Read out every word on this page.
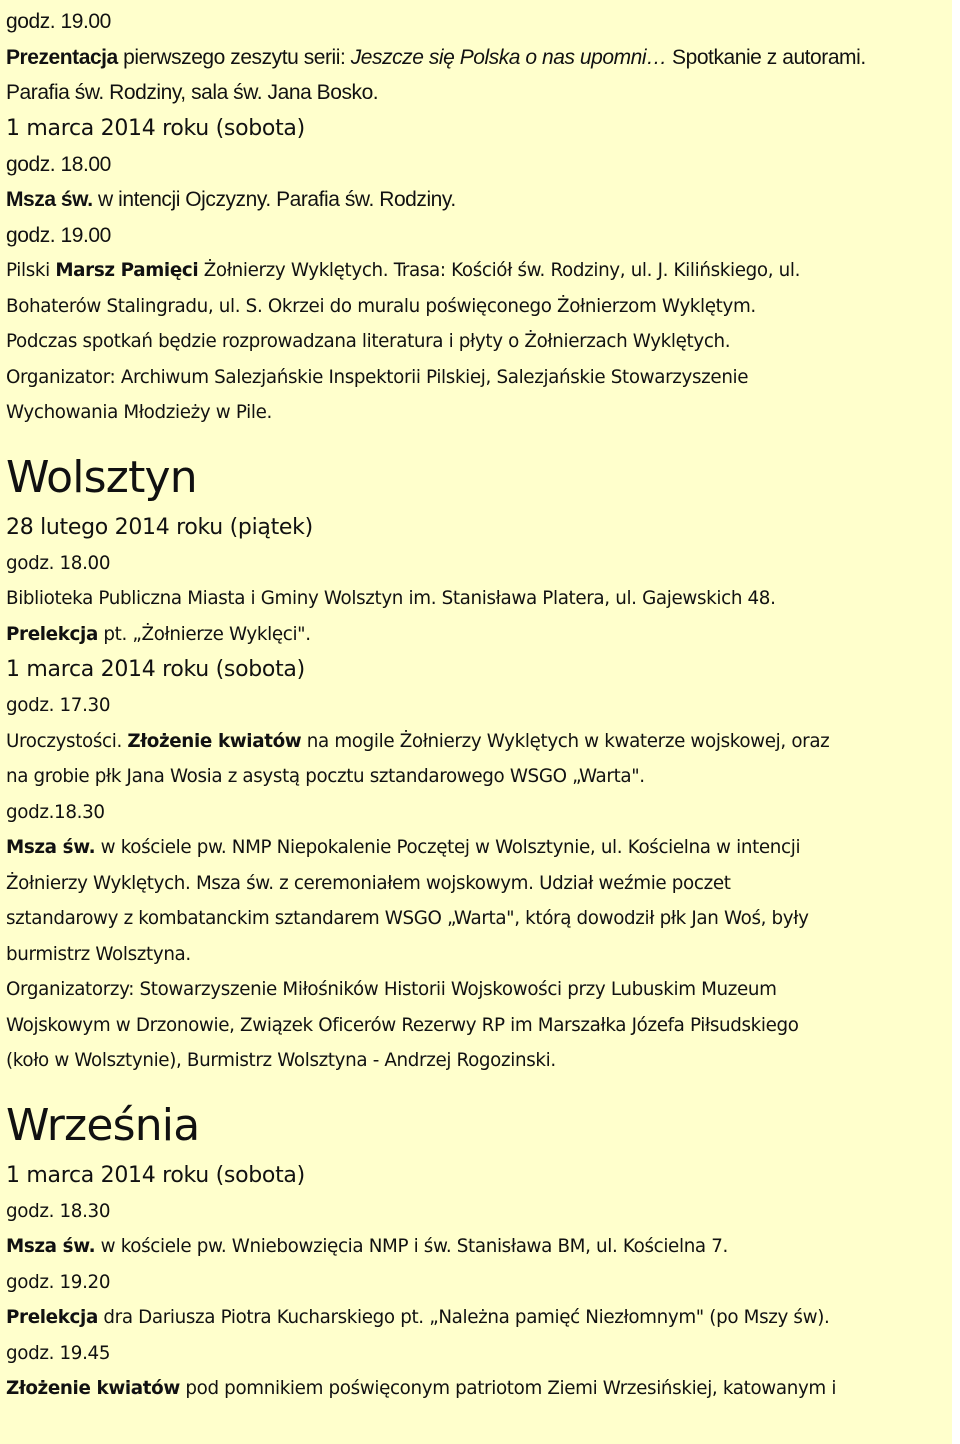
godz. 19.00
Prezentacja pierwszego zeszytu serii: Jeszcze się Polska o nas upomni… Spotkanie z autorami.
Parafia św. Rodziny, sala św. Jana Bosko.
1 marca 2014 roku (sobota)
godz. 18.00
Msza św. w intencji Ojczyzny. Parafia św. Rodziny.
godz. 19.00
Pilski Marsz Pamięci Żołnierzy Wyklętych. Trasa: Kościół św. Rodziny, ul. J. Kilińskiego, ul.
Bohaterów Stalingradu, ul. S. Okrzei do muralu poświęconego Żołnierzom Wyklętym.
Podczas spotkań będzie rozprowadzana literatura i płyty o Żołnierzach Wyklętych.
Organizator: Archiwum Salezjańskie Inspektorii Pilskiej, Salezjańskie Stowarzyszenie
Wychowania Młodzieży w Pile.
Wolsztyn
28 lutego 2014 roku (piątek)
godz. 18.00
Biblioteka Publiczna Miasta i Gminy Wolsztyn im. Stanisława Platera, ul. Gajewskich 48.
Prelekcja pt. „Żołnierze Wyklęci".
1 marca 2014 roku (sobota)
godz. 17.30
Uroczystości. Złożenie kwiatów na mogile Żołnierzy Wyklętych w kwaterze wojskowej, oraz
na grobie płk Jana Wosia z asystą pocztu sztandarowego WSGO „Warta".
godz.18.30
Msza św. w kościele pw. NMP Niepokalenie Poczętej w Wolsztynie, ul. Kościelna w intencji
Żołnierzy Wyklętych. Msza św. z ceremoniałem wojskowym. Udział weźmie poczet
sztandarowy z kombatanckim sztandarem WSGO „Warta", którą dowodził płk Jan Woś, były
burmistrz Wolsztyna.
Organizatorzy: Stowarzyszenie Miłośników Historii Wojskowości przy Lubuskim Muzeum
Wojskowym w Drzonowie, Związek Oficerów Rezerwy RP im Marszałka Józefa Piłsudskiego
(koło w Wolsztynie), Burmistrz Wolsztyna - Andrzej Rogozinski.
Września
1 marca 2014 roku (sobota)
godz. 18.30
Msza św. w kościele pw. Wniebowzięcia NMP i św. Stanisława BM, ul. Kościelna 7.
godz. 19.20
Prelekcja dra Dariusza Piotra Kucharskiego pt. „Należna pamięć Niezłomnym" (po Mszy św).
godz. 19.45
Złożenie kwiatów pod pomnikiem poświęconym patriotom Ziemi Wrzesińskiej, katowanym i
